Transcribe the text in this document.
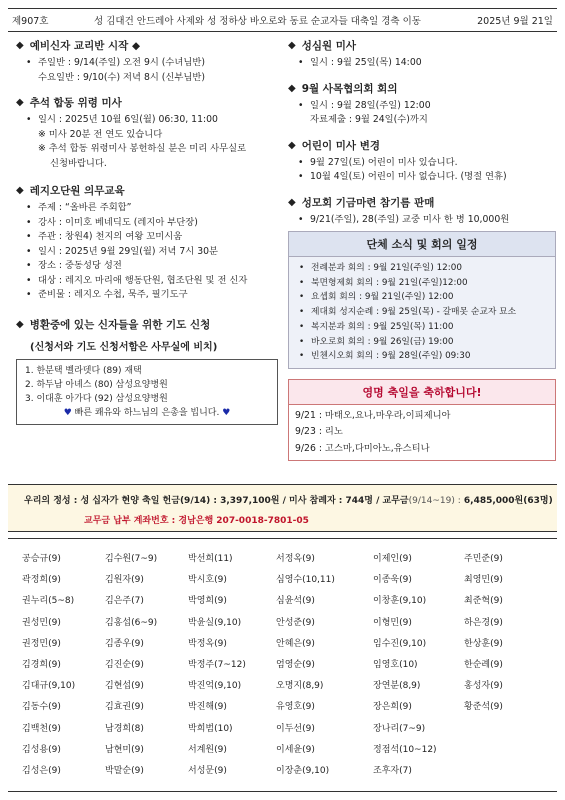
제907호	성 김대건 안드레아 사제와 성 정하상 바오로와 동료 순교자들 대축일 경축 이동	2025년 9월 21일
◆ 예비신자 교리반 시작 ◆
• 주일반 : 9/14(주일) 오전 9시 (수녀님반)
수요일반 : 9/10(수) 저녁 8시 (신부님반)
◆ 추석 합동 위령 미사
• 일시 : 2025년 10월 6일(월) 06:30, 11:00
※ 미사 20분 전 연도 있습니다
※ 추석 합동 위령미사 봉헌하실 분은 미리 사무실로
신청바랍니다.
◆ 레지오단원 의무교육
• 주제 : “올바른 주회합”
• 강사 : 이미호 베네딕도 (레지아 부단장)
• 주관 : 창원4) 천지의 여왕 꼬미시움
• 일시 : 2025년 9월 29일(월) 저녁 7시 30분
• 장소 : 중동성당 성전
• 대상 : 레지오 마리애 행동단원, 협조단원 및 전 신자
• 준비물 : 레지오 수첩, 묵주, 필기도구
◆ 병환중에 있는 신자들을 위한 기도 신청
(신청서와 기도 신청서함은 사무실에 비치)
1. 한분택 벨라뎃다 (89) 재택
2. 하두남 아녜스 (80) 삼성요양병원
3. 이대훈 아가다 (92) 삼성요양병원
♥ 빠른 쾌유와 하느님의 은총을 빕니다. ♥
◆ 성심원 미사
• 일시 : 9월 25일(목) 14:00
◆ 9월 사목협의회 회의
• 일시 : 9월 28일(주일) 12:00
자료제출 : 9월 24일(수)까지
◆ 어린이 미사 변경
• 9월 27일(토) 어린이 미사 있습니다.
• 10월 4일(토) 어린이 미사 없습니다. (명절 연휴)
◆ 성모회 기금마련 참기름 판매
• 9/21(주일), 28(주일) 교중 미사 한 병 10,000원
단체 소식 및 회의 일정
• 전례분과 회의 : 9월 21일(주일) 12:00
• 북면형제회 회의 : 9월 21일(주일)12:00
• 요셉회 회의 : 9월 21일(주일) 12:00
• 제대회 성지순례 : 9월 25일(목) - 갈매못 순교자 묘소
• 복지분과 회의 : 9월 25일(목) 11:00
• 바오로회 회의 : 9월 26일(금) 19:00
• 빈첸시오회 회의 : 9월 28일(주일) 09:30
영명 축일을 축하합니다!
9/21 : 마태오,요나,마우라,이피제니아
9/23 : 리노
9/26 : 고스마,다미아노,유스티나
우리의 정성 : 성 십자가 현양 축일 헌금(9/14) : 3,397,100원 / 미사 참례자 : 744명 / 교무금(9/14~19) : 6,485,000원(63명)
교무금 납부 계좌번호 : 경남은행 207-0018-7801-05
공승규(9)
곽정희(9)
권누리(5~8)
권성민(9)
권정민(9)
김경희(9)
김대규(9,10)
김동수(9)
김백천(9)
김성용(9)
김성은(9)
김수원(7~9)
김원자(9)
김은주(7)
김홍섭(6~9)
김종우(9)
김진순(9)
김현섭(9)
김효권(9)
남경희(8)
남현미(9)
박말순(9)
박선희(11)
박시호(9)
박영희(9)
박윤실(9,10)
박정옥(9)
박정주(7~12)
박진억(9,10)
박진해(9)
박희범(10)
서계원(9)
서성문(9)
서정옥(9)
심영수(10,11)
심윤석(9)
안성준(9)
안혜은(9)
엄영순(9)
오명지(8,9)
유영호(9)
이두선(9)
이세윤(9)
이장춘(9,10)
이제인(9)
이종욱(9)
이창훈(9,10)
이형민(9)
임수진(9,10)
임영호(10)
장연분(8,9)
장은희(9)
장나리(7~9)
정점석(10~12)
조후자(7)
주민준(9)
최영민(9)
최준혁(9)
하은경(9)
한상훈(9)
한순례(9)
홍성자(9)
황준석(9)
